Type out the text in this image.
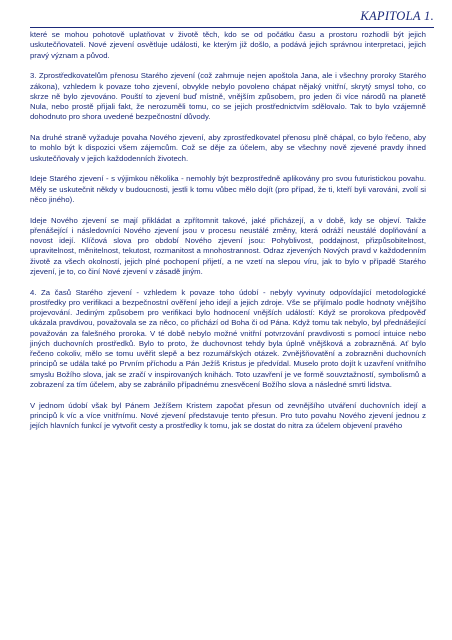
KAPITOLA 1.

které se mohou pohotově uplatňovat v životě těch, kdo se od počátku času a prostoru rozhodli být jejich uskutečňovateli. Nové zjevení osvětluje události, ke kterým již došlo, a podává jejich správnou interpretaci, jejich pravý význam a původ.

3. Zprostředkovatelům přenosu Starého zjevení (což zahrnuje nejen apoštola Jana, ale i všechny proroky Starého zákona), vzhledem k povaze toho zjevení, obvykle nebylo povoleno chápat nějaký vnitřní, skrytý smysl toho, co skrze ně bylo zjevováno. Pouští to zjevení buď místně, vnějším způsobem, pro jeden či více národů na planetě Nula, nebo prostě přijali fakt, že nerozuměli tomu, co se jejich prostřednictvím sdělovalo. Tak to bylo vzájemně dohodnuto pro shora uvedené bezpečnostní důvody.

Na druhé straně vyžaduje povaha Nového zjevení, aby zprostředkovatel přenosu plně chápal, co bylo řečeno, aby to mohlo být k dispozici všem zájemcům. Což se děje za účelem, aby se všechny nově zjevené pravdy ihned uskutečňovaly v jejich každodenních životech.

Ideje Starého zjevení - s výjimkou několika - nemohly být bezprostředně aplikovány pro svou futuristickou povahu. Měly se uskutečnit někdy v budoucnosti, jestli k tomu vůbec mělo dojít (pro případ, že ti, kteří byli varováni, zvolí si něco jiného).

Ideje Nového zjevení se mají přikládat a zpřítomnit takové, jaké přicházejí, a v době, kdy se objeví. Takže přenášející i následovníci Nového zjevení jsou v procesu neustálé změny, která odráží neustálé doplňování a novost idejí. Klíčová slova pro období Nového zjevení jsou: Pohyblivost, poddajnost, přizpůsobitelnost, upravitelnost, měnitelnost, tekutost, rozmanitost a mnohostrannost. Odraz zjevených Nových pravd v každodenním životě za všech okolností, jejich plné pochopení přijetí, a ne vzetí na slepou víru, jak to bylo v případě Starého zjevení, je to, co činí Nové zjevení v zásadě jiným.

4. Za časů Starého zjevení - vzhledem k povaze toho údobí - nebyly vyvinuty odpovídající metodologické prostředky pro verifikaci a bezpečnostní ověření jeho idejí a jejich zdroje. Vše se přijímalo podle hodnoty vnějšího projevování. Jediným způsobem pro verifikaci bylo hodnocení vnějších událostí: Když se prorokova předpověď ukázala pravdivou, považovala se za něco, co přichází od Boha či od Pána. Když tomu tak nebylo, byl přednášející považován za falešného proroka. V té době nebylo možné vnitřní potvrzování pravdivosti s pomocí intuice nebo jiných duchovních prostředků. Bylo to proto, že duchovnost tehdy byla úplně vnějšková a zobrazněná. Ať bylo řečeno cokoliv, mělo se tomu uvěřit slepě a bez rozumářských otázek. Zvnějšňovatění a zobrazněni duchovních principů se udála také po Prvním příchodu a Pán Ježíš Kristus je předvídal. Muselo proto dojít k uzavření vnitřního smyslu Božího slova, jak se zračí v inspirovaných knihách. Toto uzavření je ve formě souvztažností, symbolismů a zobrazení za tím účelem, aby se zabránilo případnému znesvěcení Božího slova a následné smrti lidstva.

V jednom údobí však byl Pánem Ježíšem Kristem započat přesun od zevnějšího utváření duchovních idejí a principů k víc a více vnitřnímu. Nové zjevení představuje tento přesun. Pro tuto povahu Nového zjevení jednou z jejích hlavních funkcí je vytvořit cesty a prostředky k tomu, jak se dostat do nitra za účelem objevení pravého
